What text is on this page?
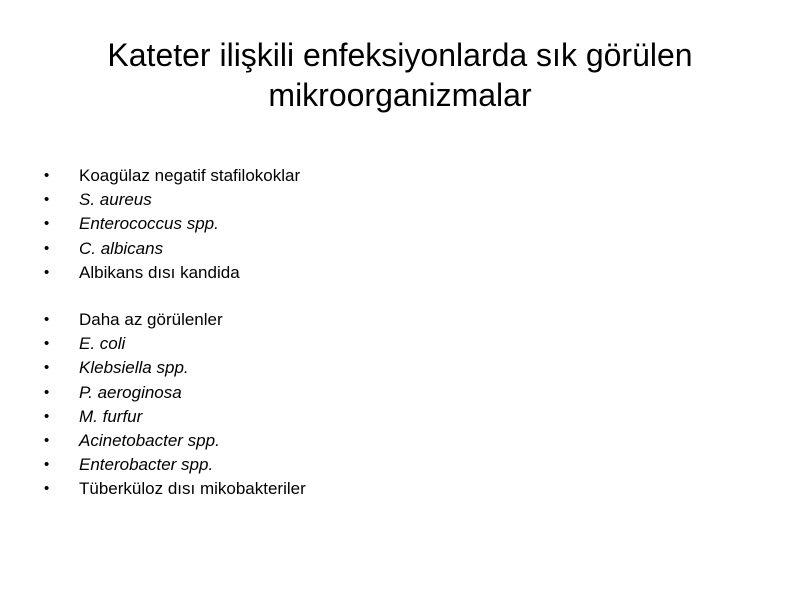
Kateter ilişkili enfeksiyonlarda sık görülen
mikroorganizmalar
•	Koagülaz negatif stafilokoklar
•	S. aureus
•	Enterococcus spp.
•	C. albicans
•	Albikans dısı kandida
•	Daha az görülenler
•	E. coli
•	Klebsiella spp.
•	P. aeroginosa
•	M. furfur
•	Acinetobacter spp.
•	Enterobacter spp.
•	Tüberküloz dısı mikobakteriler
